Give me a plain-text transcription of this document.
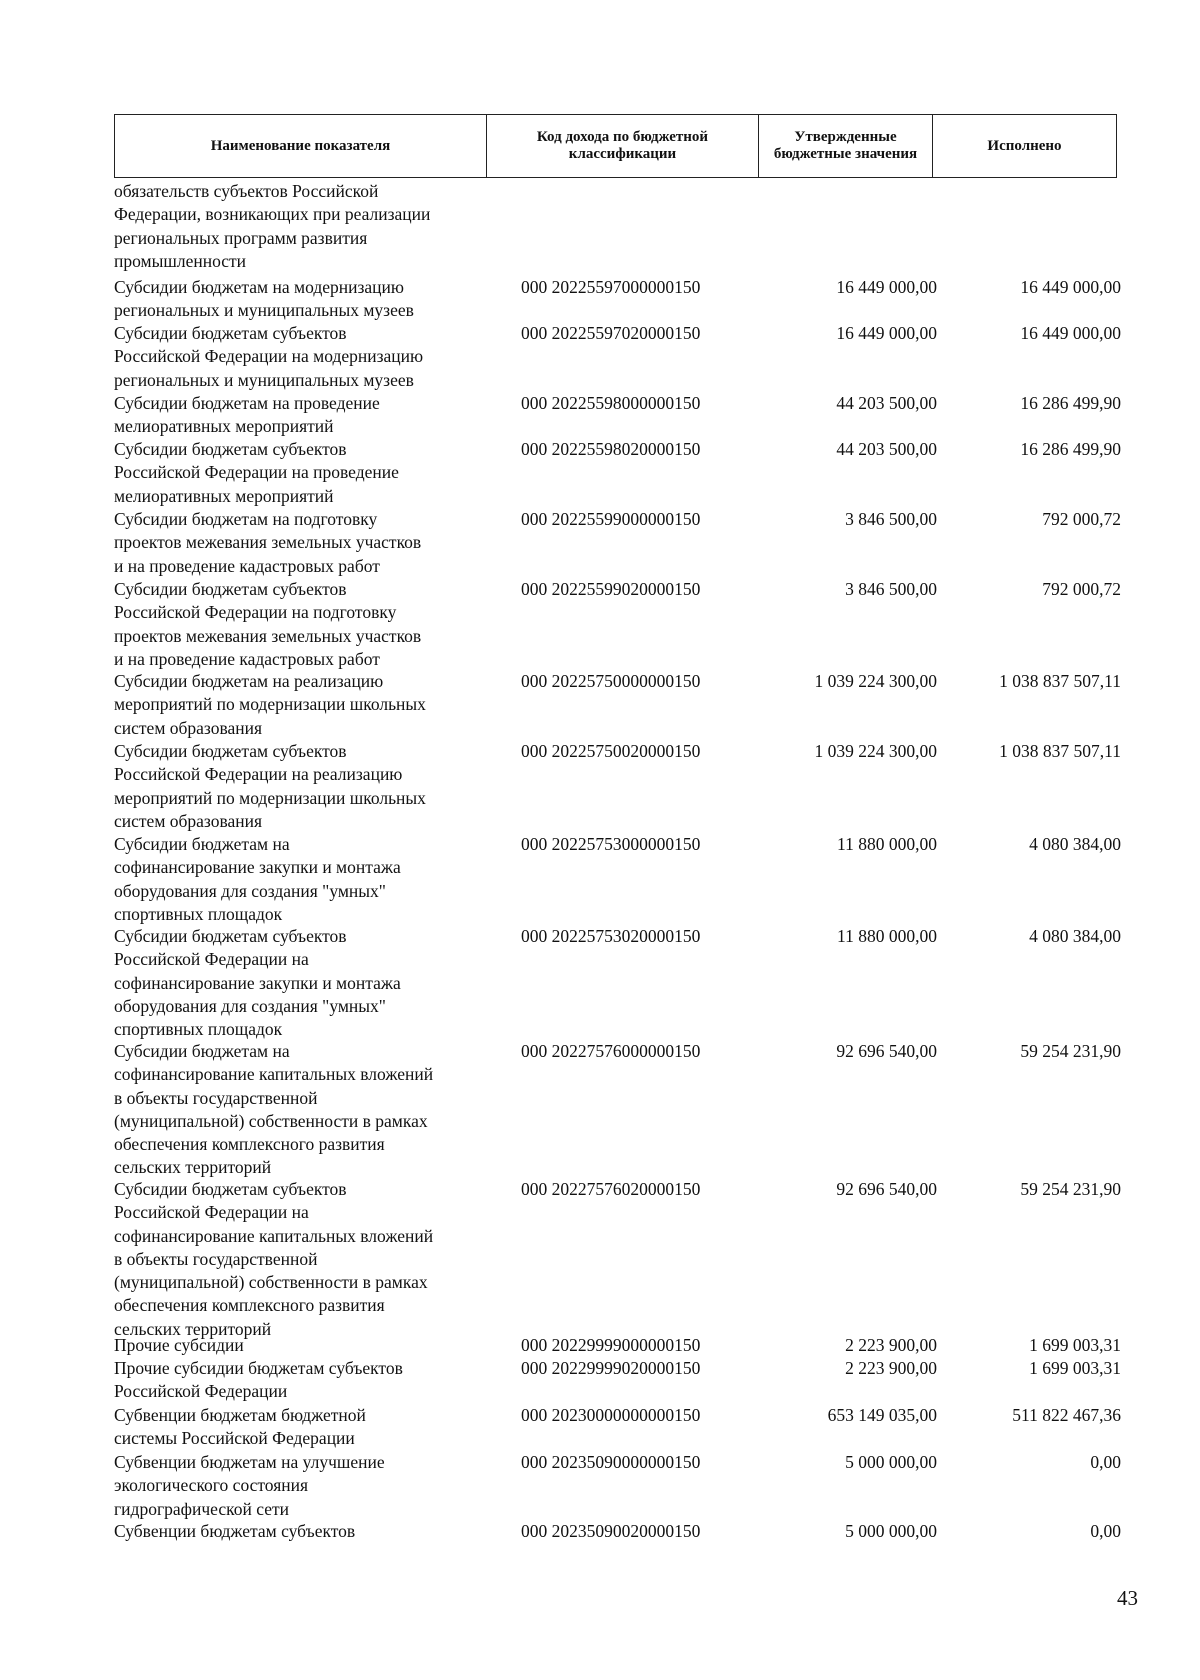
Наименование показателя	Код дохода по бюджетной классификации	Утвержденные бюджетные значения	Исполнено
обязательств субъектов Российской
Федерации, возникающих при реализации
региональных программ развития
промышленности
Субсидии бюджетам на модернизацию
региональных и муниципальных музеев
000 20225597000000150	16 449 000,00	16 449 000,00
Субсидии бюджетам субъектов
Российской Федерации на модернизацию
региональных и муниципальных музеев
000 20225597020000150	16 449 000,00	16 449 000,00
Субсидии бюджетам на проведение
мелиоративных мероприятий
000 20225598000000150	44 203 500,00	16 286 499,90
Субсидии бюджетам субъектов
Российской Федерации на проведение
мелиоративных мероприятий
000 20225598020000150	44 203 500,00	16 286 499,90
Субсидии бюджетам на подготовку
проектов межевания земельных участков
и на проведение кадастровых работ
000 20225599000000150	3 846 500,00	792 000,72
Субсидии бюджетам субъектов
Российской Федерации на подготовку
проектов межевания земельных участков
и на проведение кадастровых работ
000 20225599020000150	3 846 500,00	792 000,72
Субсидии бюджетам на реализацию
мероприятий по модернизации школьных
систем образования
000 20225750000000150	1 039 224 300,00	1 038 837 507,11
Субсидии бюджетам субъектов
Российской Федерации на реализацию
мероприятий по модернизации школьных
систем образования
000 20225750020000150	1 039 224 300,00	1 038 837 507,11
Субсидии бюджетам на
софинансирование закупки и монтажа
оборудования для создания "умных"
спортивных площадок
000 20225753000000150	11 880 000,00	4 080 384,00
Субсидии бюджетам субъектов
Российской Федерации на
софинансирование закупки и монтажа
оборудования для создания "умных"
спортивных площадок
000 20225753020000150	11 880 000,00	4 080 384,00
Субсидии бюджетам на
софинансирование капитальных вложений
в объекты государственной
(муниципальной) собственности в рамках
обеспечения комплексного развития
сельских территорий
000 20227576000000150	92 696 540,00	59 254 231,90
Субсидии бюджетам субъектов
Российской Федерации на
софинансирование капитальных вложений
в объекты государственной
(муниципальной) собственности в рамках
обеспечения комплексного развития
сельских территорий
000 20227576020000150	92 696 540,00	59 254 231,90
Прочие субсидии	000 20229999000000150	2 223 900,00	1 699 003,31
Прочие субсидии бюджетам субъектов
Российской Федерации
000 20229999020000150	2 223 900,00	1 699 003,31
Субвенции бюджетам бюджетной
системы Российской Федерации
000 20230000000000150	653 149 035,00	511 822 467,36
Субвенции бюджетам на улучшение
экологического состояния
гидрографической сети
000 20235090000000150	5 000 000,00	0,00
Субвенции бюджетам субъектов	000 20235090020000150	5 000 000,00	0,00
43
